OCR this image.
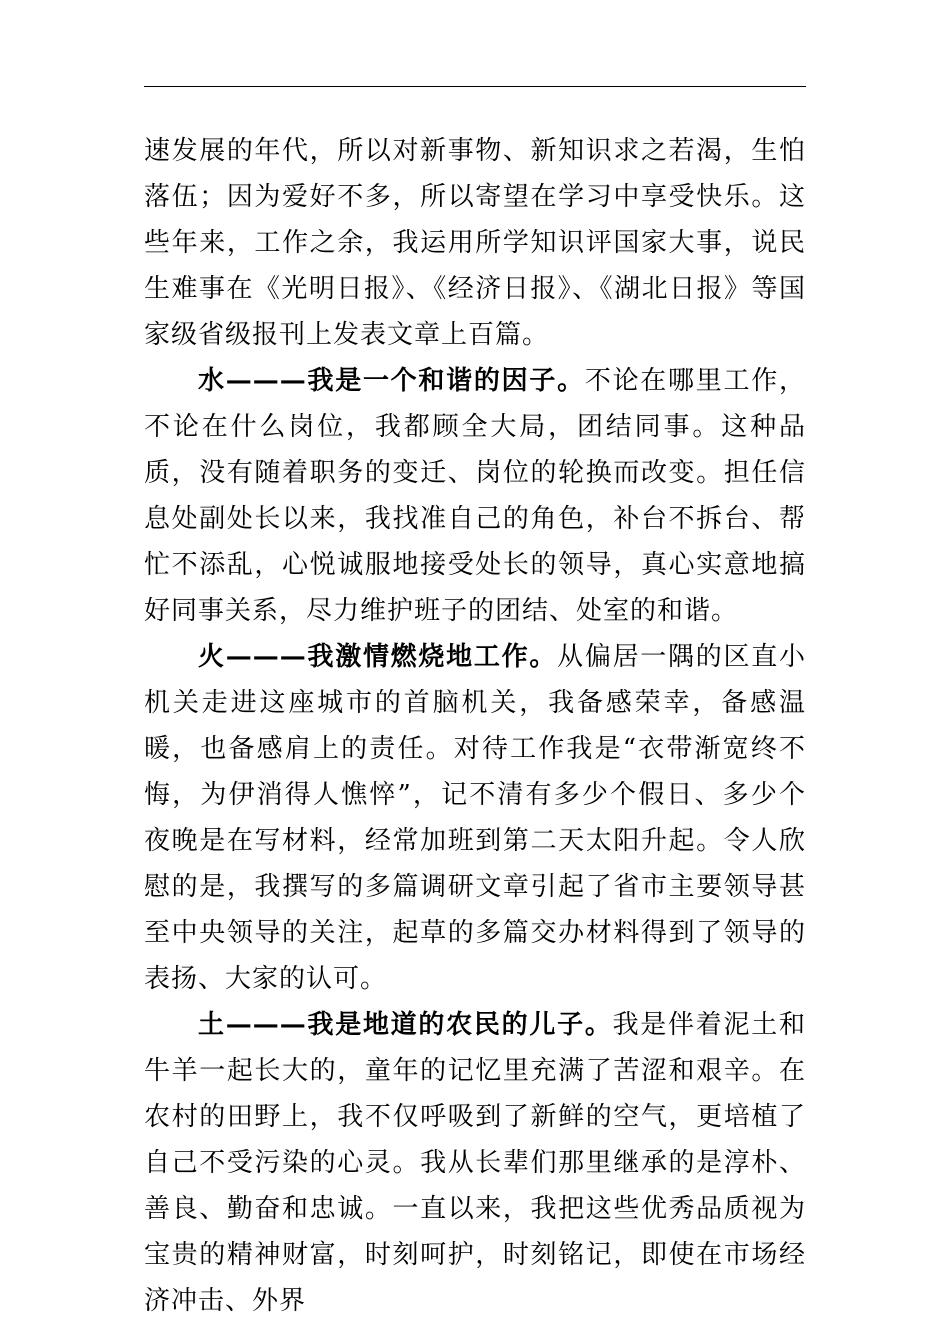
速发展的年代，所以对新事物、新知识求之若渴，生怕落伍；因为爱好不多，所以寄望在学习中享受快乐。这些年来，工作之余，我运用所学知识评国家大事，说民生难事在《光明日报》、《经济日报》、《湖北日报》等国家级省级报刊上发表文章上百篇。

水———我是一个和谐的因子。不论在哪里工作，不论在什么岗位，我都顾全大局，团结同事。这种品质，没有随着职务的变迁、岗位的轮换而改变。担任信息处副处长以来，我找准自己的角色，补台不拆台、帮忙不添乱，心悦诚服地接受处长的领导，真心实意地搞好同事关系，尽力维护班子的团结、处室的和谐。

火———我激情燃烧地工作。从偏居一隅的区直小机关走进这座城市的首脑机关，我备感荣幸，备感温暖，也备感肩上的责任。对待工作我是“衣带渐宽终不悔，为伊消得人憔悴”，记不清有多少个假日、多少个夜晚是在写材料，经常加班到第二天太阳升起。令人欣慰的是，我撰写的多篇调研文章引起了省市主要领导甚至中央领导的关注，起草的多篇交办材料得到了领导的表扬、大家的认可。

土———我是地道的农民的儿子。我是伴着泥土和牛羊一起长大的，童年的记忆里充满了苦涩和艰辛。在农村的田野上，我不仅呼吸到了新鲜的空气，更培植了自己不受污染的心灵。我从长辈们那里继承的是淳朴、善良、勤奋和忠诚。一直以来，我把这些优秀品质视为宝贵的精神财富，时刻呵护，时刻铭记，即使在市场经济冲击、外界
